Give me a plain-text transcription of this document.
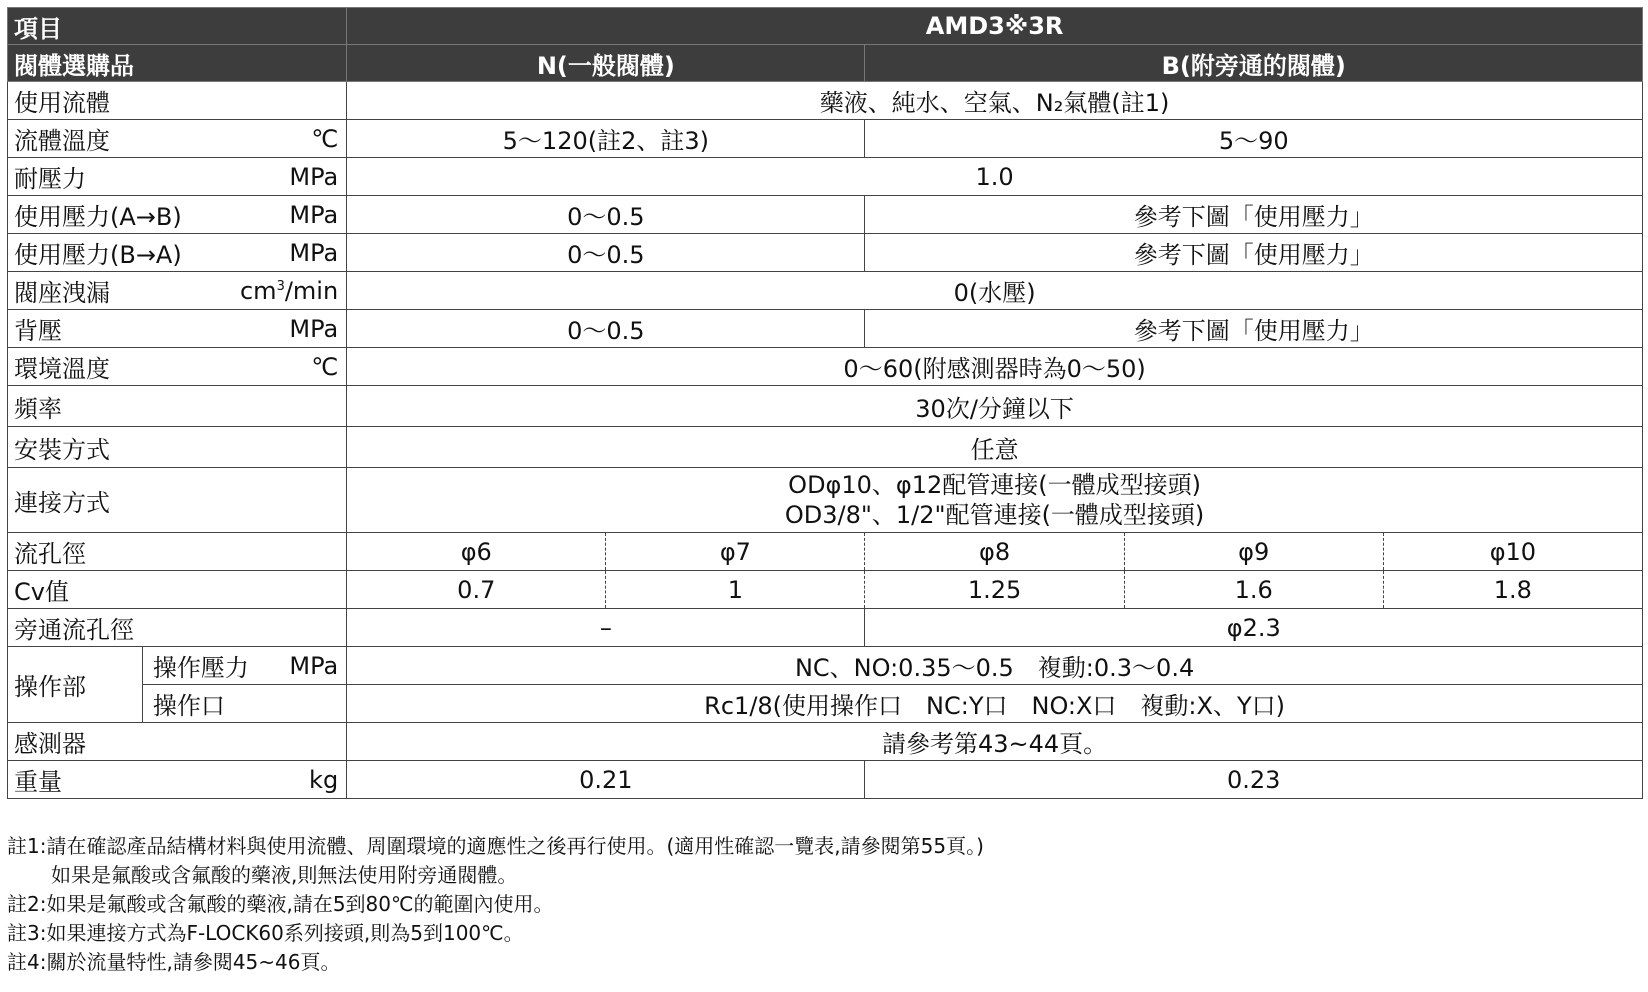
項目		AMD3※3R				
閥體選購品		N(一般閥體)		B(附旁通的閥體)		
使用流體		藥液、純水、空氣、N₂氣體(註1)				
流體溫度 ℃		5～120(註2、註3)		5～90		
耐壓力 MPa		1.0				
使用壓力(A→B) MPa		0～0.5		參考下圖「使用壓力」		
使用壓力(B→A) MPa		0～0.5		參考下圖「使用壓力」		
閥座洩漏 $cm^3/\min$		0(水壓)				
背壓 MPa		0～0.5		參考下圖「使用壓力」		
環境溫度 ℃		0～60(附感測器時為0～50)				
頻率		30次/分鐘以下				
安裝方式		任意				
連接方式		ODφ10、φ12配管連接(一體成型接頭)
OD3/8"、1/2"配管連接(一體成型接頭)				

流孔徑		φ6	φ7	φ8	φ9	φ10
Cv值		0.7	1	1.25	1.6	1.8
旁通流孔徑		–		φ2.3		
操作部	操作壓力 MPa	NC、NO:0.35～0.5　複動:0.3～0.4				
	操作口	Rc1/8(使用操作口　NC:Y口　NO:X口　複動:X、Y口)				
感測器		請參考第43~44頁。				
重量 kg		0.21		0.23		
註1:請在確認產品結構材料與使用流體、周圍環境的適應性之後再行使用。(適用性確認一覽表,請參閱第55頁。)
如果是氟酸或含氟酸的藥液,則無法使用附旁通閥體。
註2:如果是氟酸或含氟酸的藥液,請在5到80℃的範圍內使用。
註3:如果連接方式為F-LOCK60系列接頭,則為5到100℃。
註4:關於流量特性,請參閱45~46頁。
